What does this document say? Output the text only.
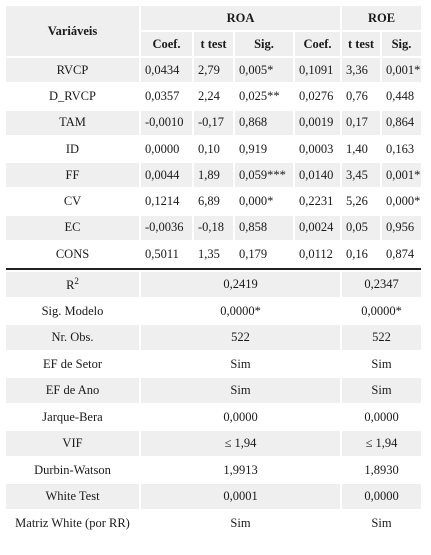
Variáveis	ROA				ROE	
	Coef.	t test	Sig.	Coef.	t test	Sig.
RVCP	0,0434	2,79	0,005*	0,1091	3,36	0,001*
D_RVCP	0,0357	2,24	0,025**	0,0276	0,76	0,448
TAM	-0,0010	-0,17	0,868	0,0019	0,17	0,864
ID	0,0000	0,10	0,919	0,0003	1,40	0,163
FF	0,0044	1,89	0,059***	0,0140	3,45	0,001*
CV	0,1214	6,89	0,000*	0,2231	5,26	0,000*
EC	-0,0036	-0,18	0,858	0,0024	0,05	0,956
CONS	0,5011	1,35	0,179	0,0112	0,16	0,874

$R^2$	0,2419				0,2347	
Sig. Modelo	0,0000*				0,0000*	
Nr. Obs.	522				522	
EF de Setor	Sim				Sim	
EF de Ano	Sim				Sim	
Jarque-Bera	0,0000				0,0000	
VIF	≤ 1,94				≤ 1,94	
Durbin-Watson	1,9913				1,8930	
White Test	0,0001				0,0000	
Matriz White (por RR)	Sim				Sim	
